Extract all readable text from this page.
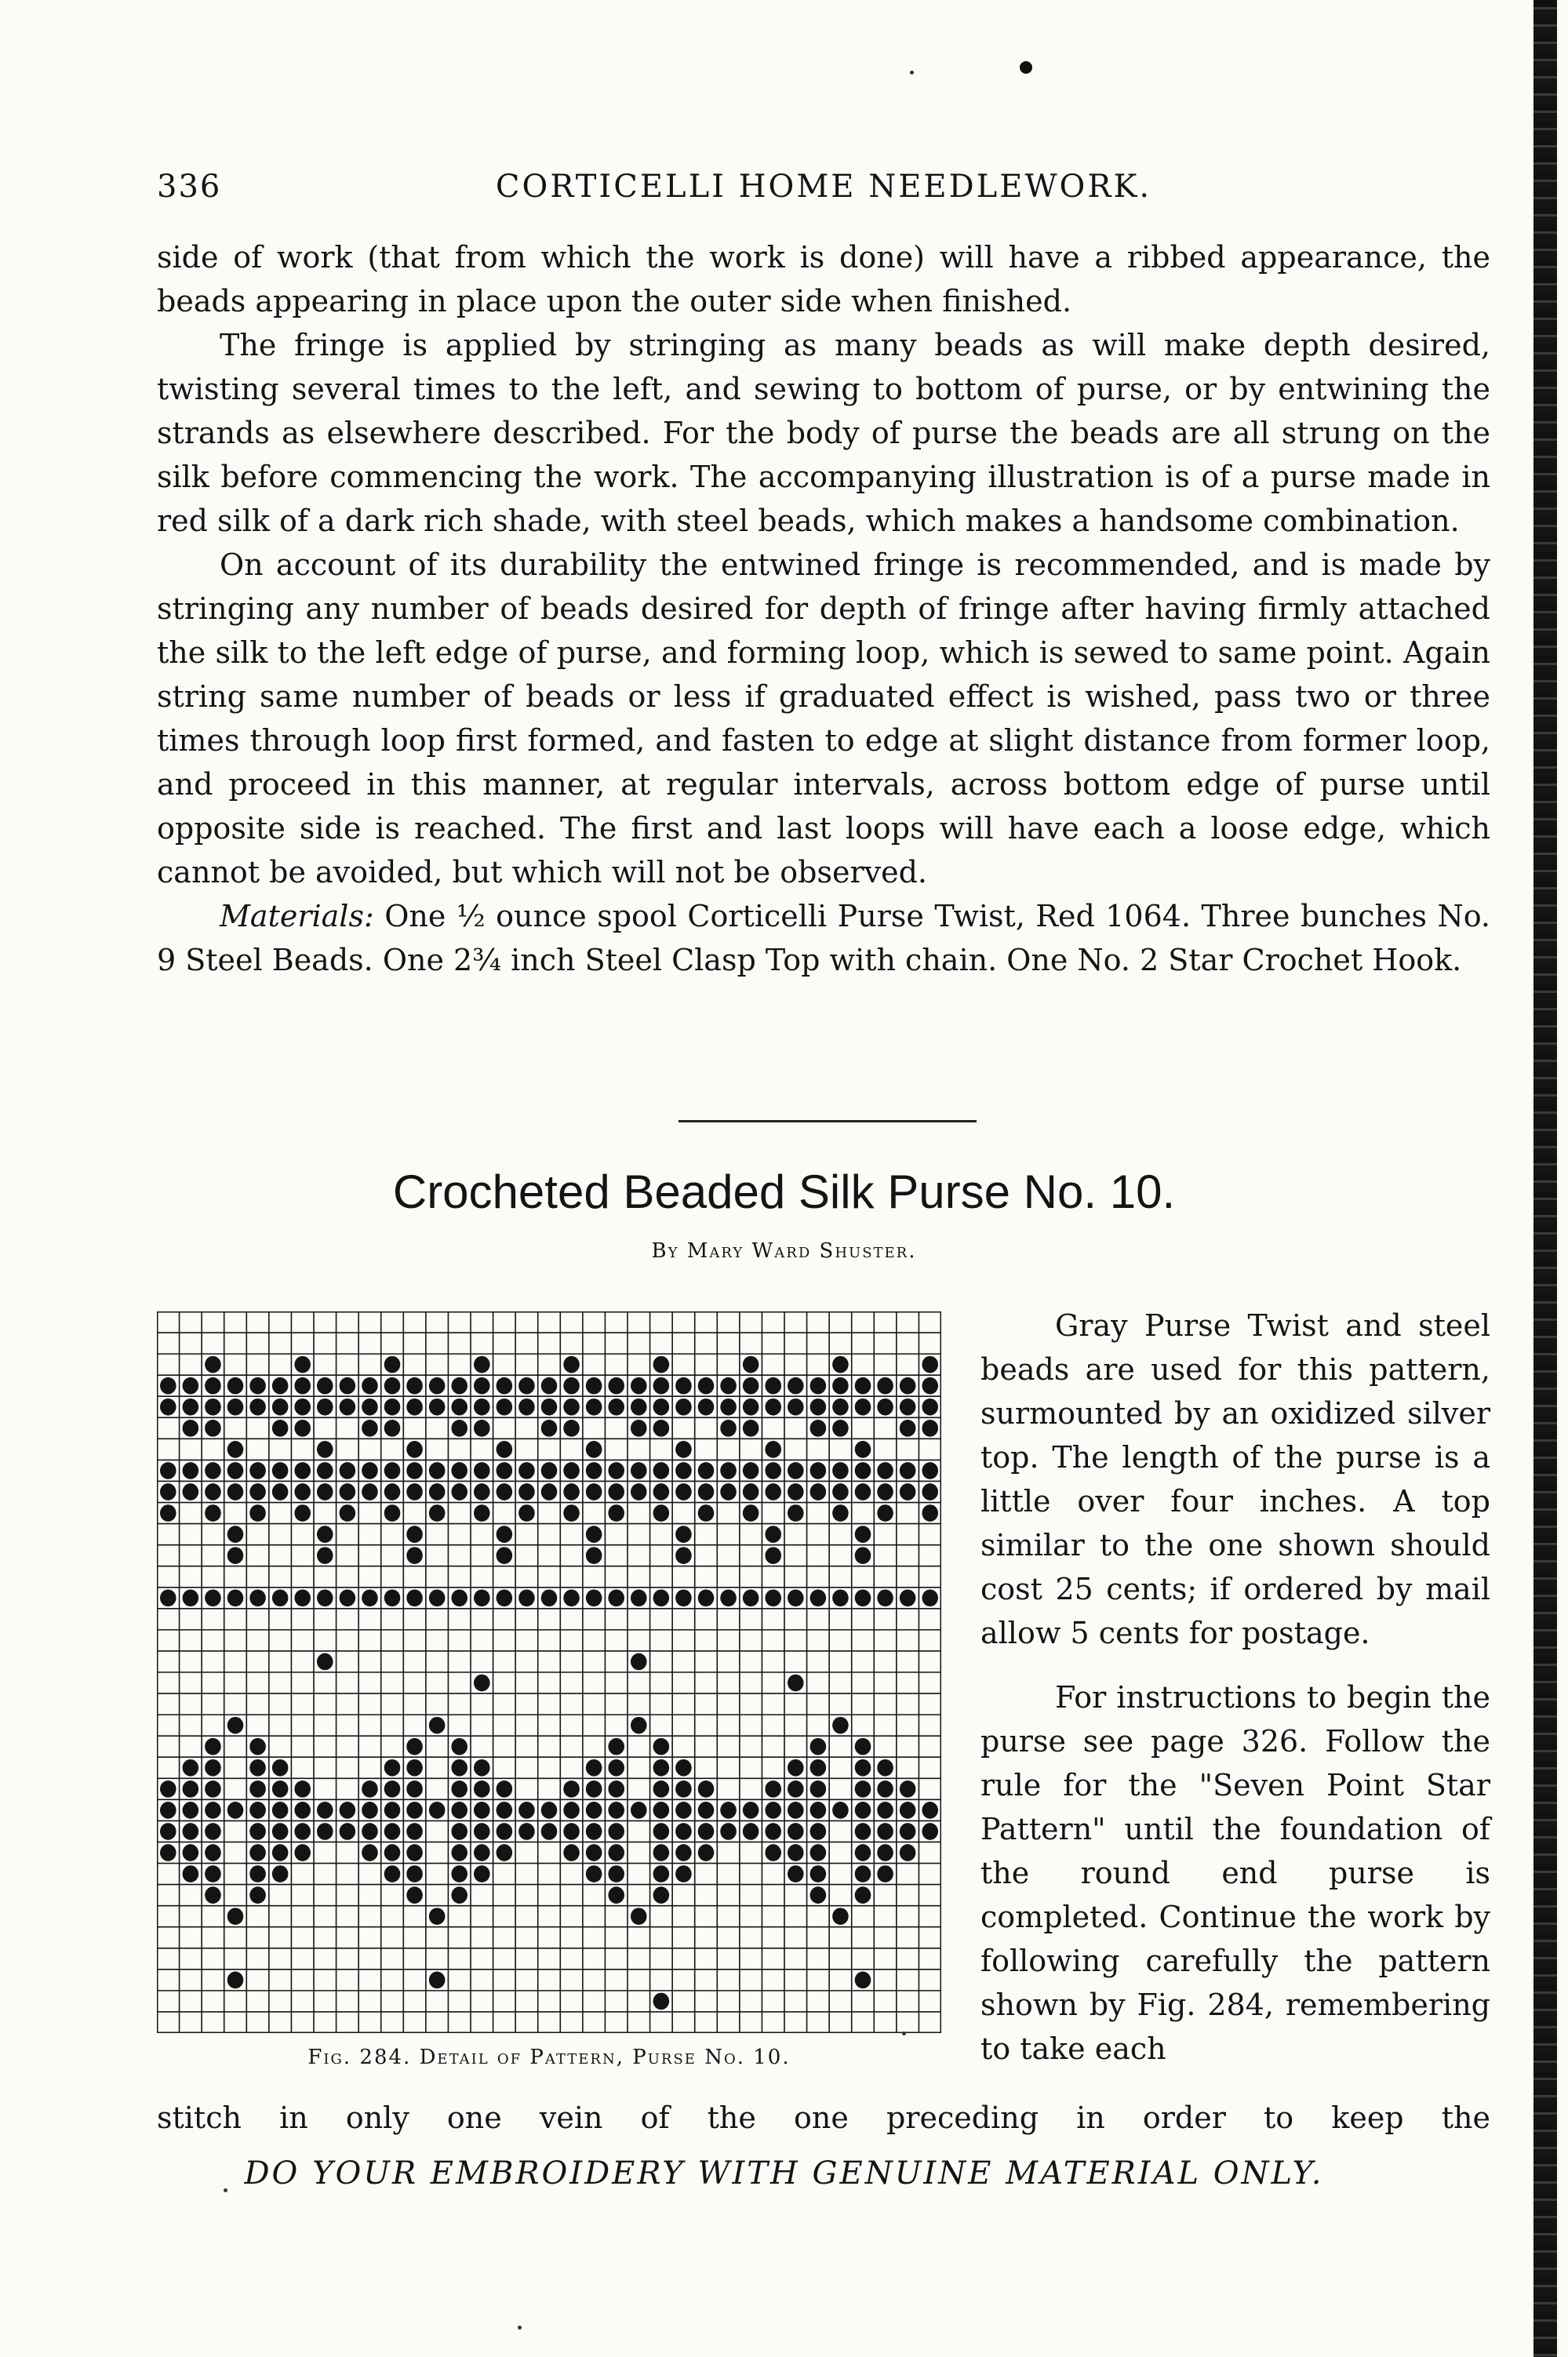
336	CORTICELLI HOME NEEDLEWORK.

side of work (that from which the work is done) will have a ribbed appearance, the beads appearing in place upon the outer side when finished.

The fringe is applied by stringing as many beads as will make depth desired, twisting several times to the left, and sewing to bottom of purse, or by entwining the strands as elsewhere described. For the body of purse the beads are all strung on the silk before commencing the work. The accompanying illustration is of a purse made in red silk of a dark rich shade, with steel beads, which makes a handsome combination.

On account of its durability the entwined fringe is recommended, and is made by stringing any number of beads desired for depth of fringe after having firmly attached the silk to the left edge of purse, and forming loop, which is sewed to same point. Again string same number of beads or less if graduated effect is wished, pass two or three times through loop first formed, and fasten to edge at slight distance from former loop, and proceed in this manner, at regular intervals, across bottom edge of purse until opposite side is reached. The first and last loops will have each a loose edge, which cannot be avoided, but which will not be observed.

Materials: One ½ ounce spool Corticelli Purse Twist, Red 1064. Three bunches No. 9 Steel Beads. One 2¾ inch Steel Clasp Top with chain. One No. 2 Star Crochet Hook.

Crocheted Beaded Silk Purse No. 10.
By Mary Ward Shuster.
Fig. 284. Detail of Pattern, Purse No. 10.

Gray Purse Twist and steel beads are used for this pattern, surmounted by an oxidized silver top. The length of the purse is a little over four inches. A top similar to the one shown should cost 25 cents; if ordered by mail allow 5 cents for postage.

For instructions to begin the purse see page 326. Follow the rule for the "Seven Point Star Pattern" until the foundation of the round end purse is completed. Continue the work by following carefully the pattern shown by Fig. 284, remembering to take each

stitch in only one vein of the one preceding in order to keep the
DO YOUR EMBROIDERY WITH GENUINE MATERIAL ONLY.
